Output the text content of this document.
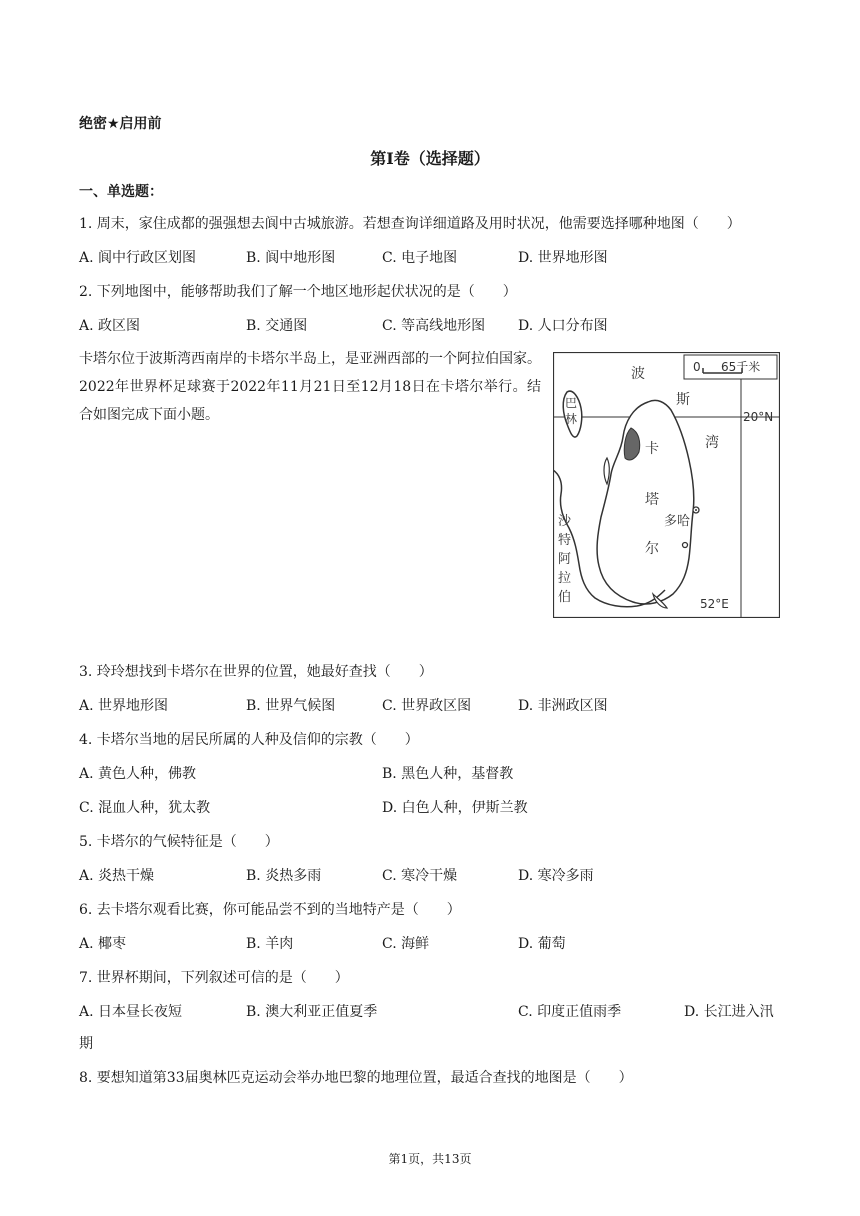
绝密★启用前
第I卷（选择题）
一、单选题：
1. 周末，家住成都的强强想去阆中古城旅游。若想查询详细道路及用时状况，他需要选择哪种地图（　　）
A. 阆中行政区划图	B. 阆中地形图	C. 电子地图	D. 世界地形图
2. 下列地图中，能够帮助我们了解一个地区地形起伏状况的是（　　）
A. 政区图	B. 交通图	C. 等高线地形图 D. 人口分布图
卡塔尔位于波斯湾西南岸的卡塔尔半岛上，是亚洲西部的一个阿拉伯国家。2022年世界杯足球赛于2022年11月21日至12月18日在卡塔尔举行。结合如图完成下面小题。
波
斯
湾
巴
林
卡
塔
尔
沙
特
阿
拉
伯
多哈
0 65千米
20°N
52°E
3. 玲玲想找到卡塔尔在世界的位置，她最好查找（　　）
A. 世界地形图	B. 世界气候图	C. 世界政区图	D. 非洲政区图
4. 卡塔尔当地的居民所属的人种及信仰的宗教（　　）
A. 黄色人种，佛教	B. 黑色人种，基督教
C. 混血人种，犹太教	D. 白色人种，伊斯兰教
5. 卡塔尔的气候特征是（　　）
A. 炎热干燥	B. 炎热多雨	C. 寒冷干燥	D. 寒冷多雨
6. 去卡塔尔观看比赛，你可能品尝不到的当地特产是（　　）
A. 椰枣	B. 羊肉	C. 海鲜	D. 葡萄
7. 世界杯期间，下列叙述可信的是（　　）
A. 日本昼长夜短	B. 澳大利亚正值夏季	C. 印度正值雨季	D. 长江进入汛
期
8. 要想知道第33届奥林匹克运动会举办地巴黎的地理位置，最适合查找的地图是（　　）
第1页，共13页
